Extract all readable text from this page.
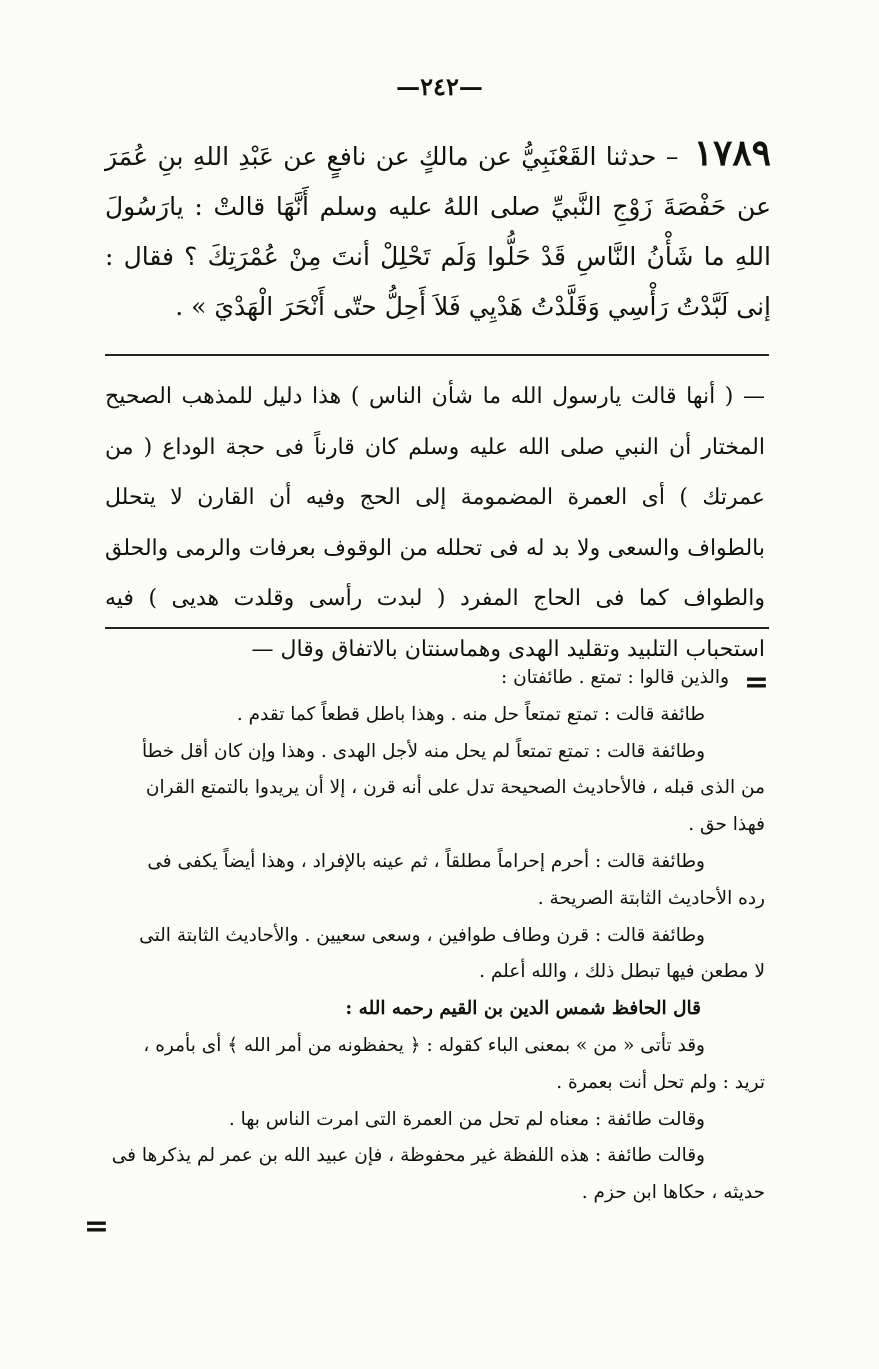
—٢٤٢—
١٧٨٩ – حدثنا القَعْنَبِيُّ عن مالكٍ عن نافعٍ عن عَبْدِ اللهِ بنِ عُمَرَ عن حَفْصَةَ زَوْجِ النَّبيِّ صلى اللهُ عليه وسلم أَنَّهَا قالتْ : يارَسُولَ اللهِ ما شَأْنُ النَّاسِ قَدْ حَلُّوا وَلَم تَحْلِلْ أنتَ مِنْ عُمْرَتِكَ ؟ فقال : إنى لَبَّدْتُ رَأْسِي وَقَلَّدْتُ هَدْيِي فَلاَ أَحِلُّ حتّى أَنْحَرَ الْهَدْيَ » .
— ( أنها قالت يارسول الله ما شأن الناس ) هذا دليل للمذهب الصحيح المختار أن النبي صلى الله عليه وسلم كان قارناً فى حجة الوداع ( من عمرتك ) أى العمرة المضمومة إلى الحج وفيه أن القارن لا يتحلل بالطواف والسعى ولا بد له فى تحلله من الوقوف بعرفات والرمى والحلق والطواف كما فى الحاج المفرد ( لبدت رأسى وقلدت هديى ) فيه استحباب التلبيد وتقليد الهدى وهماسنتان بالاتفاق وقال —
=

والذين قالوا : تمتع . طائفتان :

طائفة قالت : تمتع تمتعاً حل منه . وهذا باطل قطعاً كما تقدم .

وطائفة قالت : تمتع تمتعاً لم يحل منه لأجل الهدى . وهذا وإن كان أقل خطأ

من الذى قبله ، فالأحاديث الصحيحة تدل على أنه قرن ، إلا أن يريدوا بالتمتع القران

فهذا حق .

وطائفة قالت : أحرم إحراماً مطلقاً ، ثم عينه بالإفراد ، وهذا أيضاً يكفى فى

رده الأحاديث الثابتة الصريحة .

وطائفة قالت : قرن وطاف طوافين ، وسعى سعيين . والأحاديث الثابتة التى

لا مطعن فيها تبطل ذلك ، والله أعلم .

قال الحافظ شمس الدين بن القيم رحمه الله :

وقد تأتى « من » بمعنى الباء كقوله : ﴿ يحفظونه من أمر الله ﴾ أى بأمره ،

تريد : ولم تحل أنت بعمرة .

وقالت طائفة : معناه لم تحل من العمرة التى امرت الناس بها .

وقالت طائفة : هذه اللفظة غير محفوظة ، فإن عبيد الله بن عمر لم يذكرها فى

حديثه ، حكاها ابن حزم .

=
